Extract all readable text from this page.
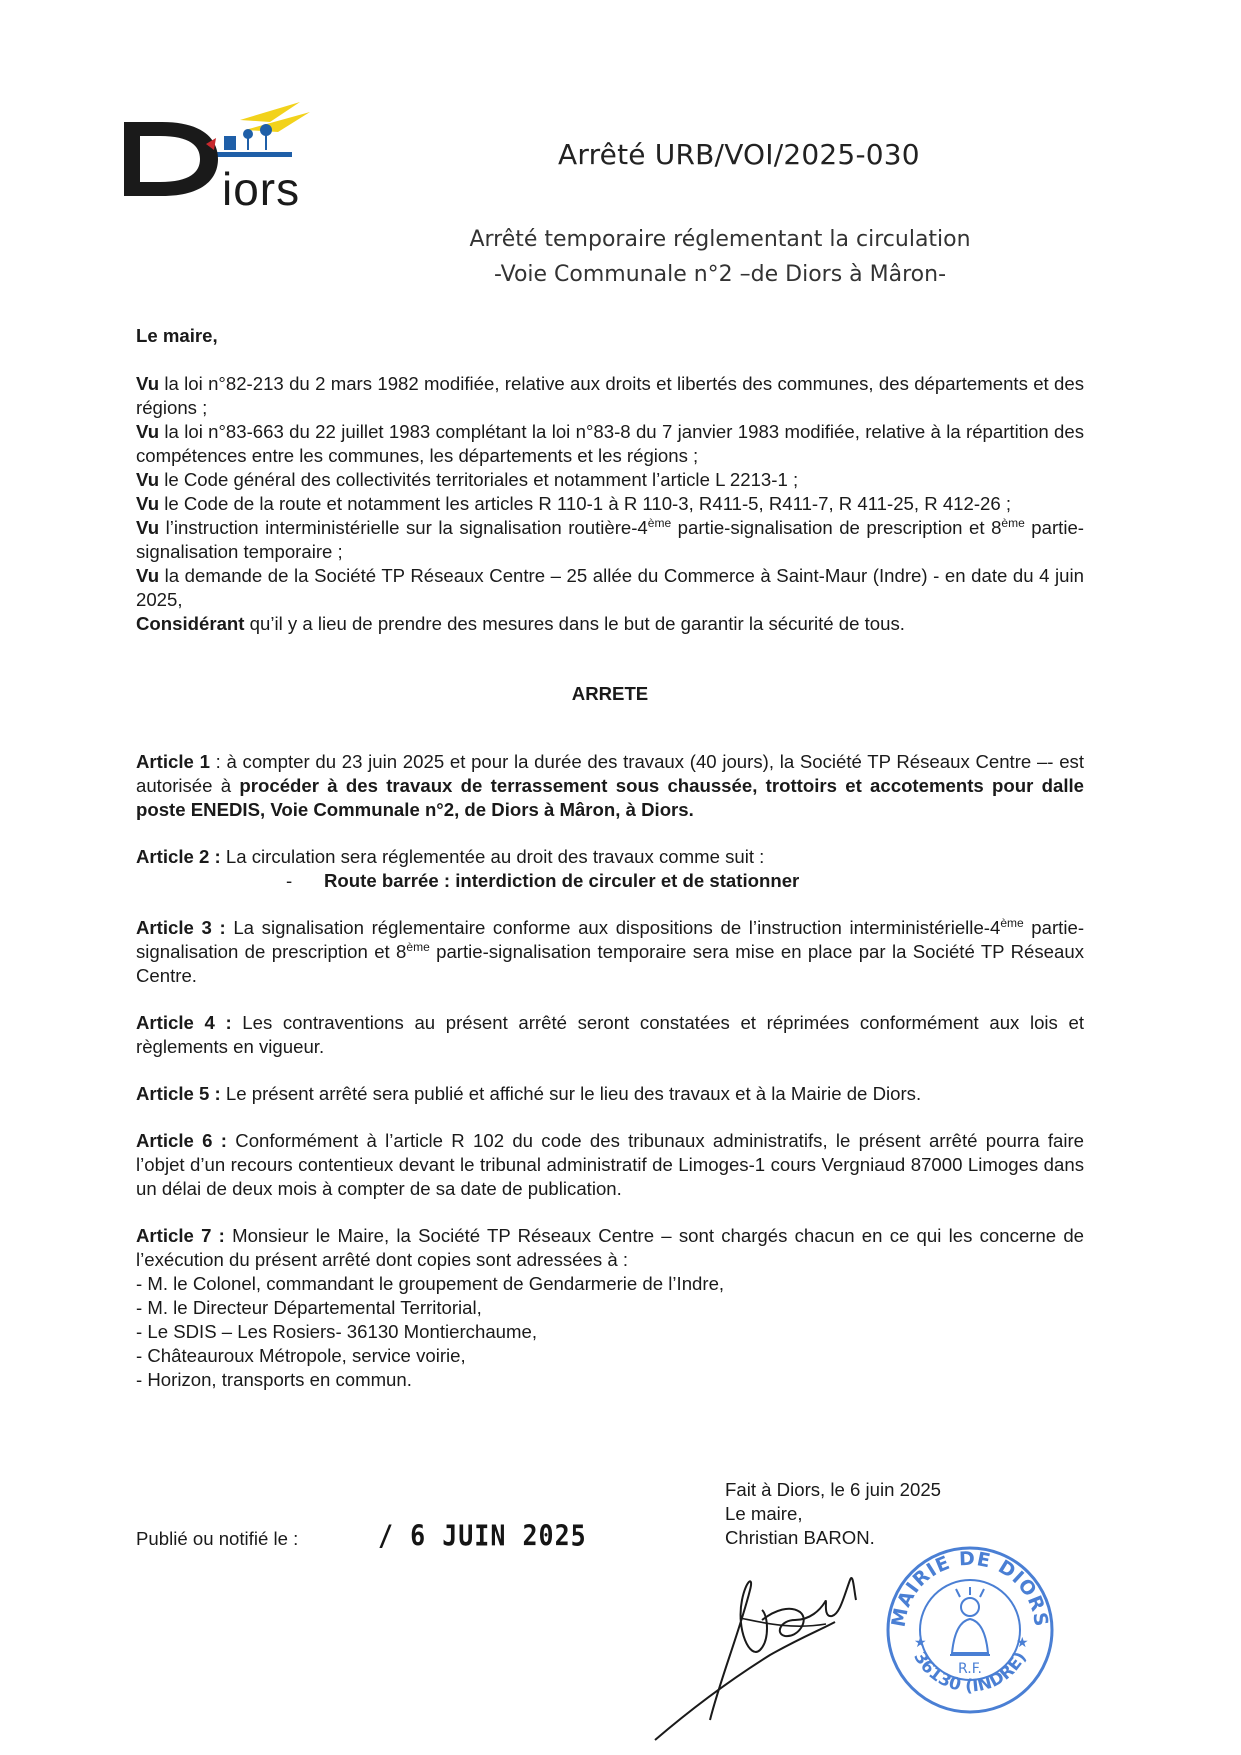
iors
Arrêté URB/VOI/2025-030
Arrêté temporaire réglementant la circulation
-Voie Communale n°2 –de Diors à Mâron-

Le maire,

Vu la loi n°82-213 du 2 mars 1982 modifiée, relative aux droits et libertés des communes, des départements et des régions ;

Vu la loi n°83-663 du 22 juillet 1983 complétant la loi n°83-8 du 7 janvier 1983 modifiée, relative à la répartition des compétences entre les communes, les départements et les régions ;

Vu le Code général des collectivités territoriales et notamment l’article L 2213-1 ;

Vu le Code de la route et notamment les articles R 110-1 à R 110-3, R411-5, R411-7, R 411-25, R 412-26 ;

Vu l’instruction interministérielle sur la signalisation routière-4ème partie-signalisation de prescription et 8ème partie-signalisation temporaire ;

Vu la demande de la Société TP Réseaux Centre – 25 allée du Commerce à Saint-Maur (Indre) - en date du 4 juin 2025,

Considérant qu’il y a lieu de prendre des mesures dans le but de garantir la sécurité de tous.

ARRETE

Article 1 : à compter du 23 juin 2025 et pour la durée des travaux (40 jours), la Société TP Réseaux Centre –- est autorisée à procéder à des travaux de terrassement sous chaussée, trottoirs et accotements pour dalle poste ENEDIS, Voie Communale n°2, de Diors à Mâron, à Diors.

Article 2 : La circulation sera réglementée au droit des travaux comme suit :
- Route barrée : interdiction de circuler et de stationner

Article 3 : La signalisation réglementaire conforme aux dispositions de l’instruction interministérielle-4ème partie-signalisation de prescription et 8ème partie-signalisation temporaire sera mise en place par la Société TP Réseaux Centre.

Article 4 : Les contraventions au présent arrêté seront constatées et réprimées conformément aux lois et règlements en vigueur.

Article 5 : Le présent arrêté sera publié et affiché sur le lieu des travaux et à la Mairie de Diors.

Article 6 : Conformément à l’article R 102 du code des tribunaux administratifs, le présent arrêté pourra faire l’objet d’un recours contentieux devant le tribunal administratif de Limoges-1 cours Vergniaud 87000 Limoges dans un délai de deux mois à compter de sa date de publication.

Article 7 : Monsieur le Maire, la Société TP Réseaux Centre – sont chargés chacun en ce qui les concerne de l’exécution du présent arrêté dont copies sont adressées à :

- M. le Colonel, commandant le groupement de Gendarmerie de l’Indre,

- M. le Directeur Départemental Territorial,

- Le SDIS – Les Rosiers- 36130 Montierchaume,

- Châteauroux Métropole, service voirie,

- Horizon, transports en commun.

Fait à Diors, le 6 juin 2025

Le maire,

Christian BARON.

Publié ou notifié le :	/ 6 JUIN 2025
MAIRIE DE DIORS
36130 (INDRE)
R.F.
★	★
